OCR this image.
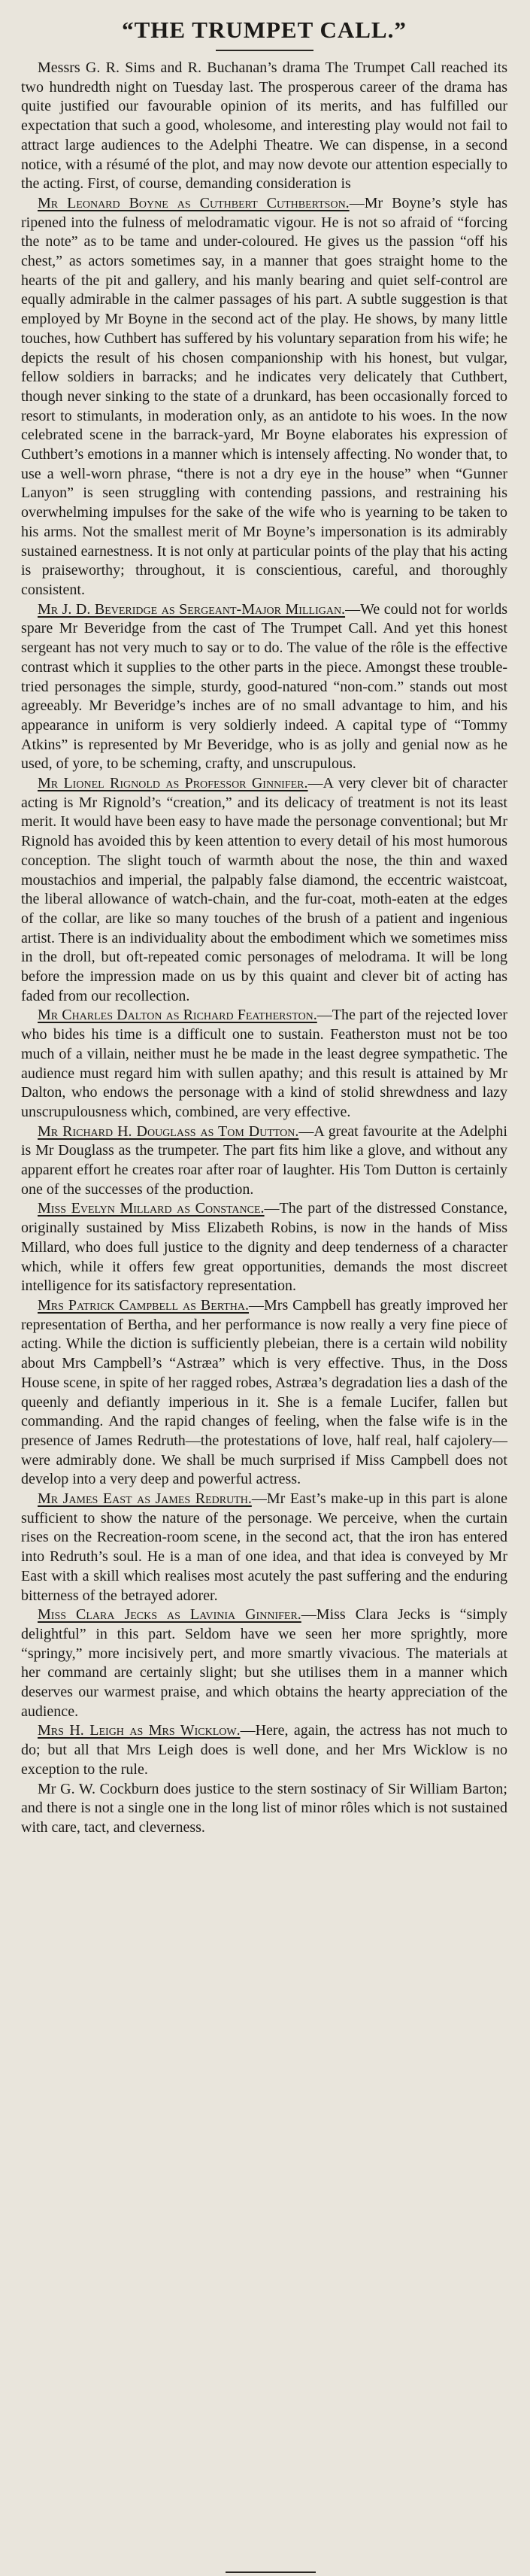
“THE TRUMPET CALL.”

Messrs G. R. Sims and R. Buchanan’s drama The Trumpet Call reached its two hundredth night on Tuesday last. The prosperous career of the drama has quite justified our favourable opinion of its merits, and has fulfilled our expectation that such a good, wholesome, and interesting play would not fail to attract large audiences to the Adelphi Theatre. We can dispense, in a second notice, with a résumé of the plot, and may now devote our attention especially to the acting. First, of course, demanding consideration is

Mr Leonard Boyne as Cuthbert Cuthbertson.—Mr Boyne’s style has ripened into the fulness of melodramatic vigour. He is not so afraid of “forcing the note” as to be tame and under-coloured. He gives us the passion “off his chest,” as actors sometimes say, in a manner that goes straight home to the hearts of the pit and gallery, and his manly bearing and quiet self-control are equally admirable in the calmer passages of his part. A subtle suggestion is that employed by Mr Boyne in the second act of the play. He shows, by many little touches, how Cuthbert has suffered by his voluntary separation from his wife; he depicts the result of his chosen companionship with his honest, but vulgar, fellow soldiers in barracks; and he indicates very delicately that Cuthbert, though never sinking to the state of a drunkard, has been occasionally forced to resort to stimulants, in moderation only, as an antidote to his woes. In the now celebrated scene in the barrack-yard, Mr Boyne elaborates his expression of Cuthbert’s emotions in a manner which is intensely affecting. No wonder that, to use a well-worn phrase, “there is not a dry eye in the house” when “Gunner Lanyon” is seen struggling with contending passions, and restraining his overwhelming impulses for the sake of the wife who is yearning to be taken to his arms. Not the smallest merit of Mr Boyne’s impersonation is its admirably sustained earnestness. It is not only at particular points of the play that his acting is praiseworthy; throughout, it is conscientious, careful, and thoroughly consistent.

Mr J. D. Beveridge as Sergeant-Major Milligan.—We could not for worlds spare Mr Beveridge from the cast of The Trumpet Call. And yet this honest sergeant has not very much to say or to do. The value of the rôle is the effective contrast which it supplies to the other parts in the piece. Amongst these trouble-tried personages the simple, sturdy, good-natured “non-com.” stands out most agreeably. Mr Beveridge’s inches are of no small advantage to him, and his appearance in uniform is very soldierly indeed. A capital type of “Tommy Atkins” is represented by Mr Beveridge, who is as jolly and genial now as he used, of yore, to be scheming, crafty, and unscrupulous.

Mr Lionel Rignold as Professor Ginnifer.—A very clever bit of character acting is Mr Rignold’s “creation,” and its delicacy of treatment is not its least merit. It would have been easy to have made the personage conventional; but Mr Rignold has avoided this by keen attention to every detail of his most humorous conception. The slight touch of warmth about the nose, the thin and waxed moustachios and imperial, the palpably false diamond, the eccentric waistcoat, the liberal allowance of watch-chain, and the fur-coat, moth-eaten at the edges of the collar, are like so many touches of the brush of a patient and ingenious artist. There is an individuality about the embodiment which we sometimes miss in the droll, but oft-repeated comic personages of melodrama. It will be long before the impression made on us by this quaint and clever bit of acting has faded from our recollection.

Mr Charles Dalton as Richard Featherston.—The part of the rejected lover who bides his time is a difficult one to sustain. Featherston must not be too much of a villain, neither must he be made in the least degree sympathetic. The audience must regard him with sullen apathy; and this result is attained by Mr Dalton, who endows the personage with a kind of stolid shrewdness and lazy unscrupulousness which, combined, are very effective.

Mr Richard H. Douglass as Tom Dutton.—A great favourite at the Adelphi is Mr Douglass as the trumpeter. The part fits him like a glove, and without any apparent effort he creates roar after roar of laughter. His Tom Dutton is certainly one of the successes of the production.

Miss Evelyn Millard as Constance.—The part of the distressed Constance, originally sustained by Miss Elizabeth Robins, is now in the hands of Miss Millard, who does full justice to the dignity and deep tenderness of a character which, while it offers few great opportunities, demands the most discreet intelligence for its satisfactory representation.

Mrs Patrick Campbell as Bertha.—Mrs Campbell has greatly improved her representation of Bertha, and her performance is now really a very fine piece of acting. While the diction is sufficiently plebeian, there is a certain wild nobility about Mrs Campbell’s “Astræa” which is very effective. Thus, in the Doss House scene, in spite of her ragged robes, Astræa’s degradation lies a dash of the queenly and defiantly imperious in it. She is a female Lucifer, fallen but commanding. And the rapid changes of feeling, when the false wife is in the presence of James Redruth—the protestations of love, half real, half cajolery—were admirably done. We shall be much surprised if Miss Campbell does not develop into a very deep and powerful actress.

Mr James East as James Redruth.—Mr East’s make-up in this part is alone sufficient to show the nature of the personage. We perceive, when the curtain rises on the Recreation-room scene, in the second act, that the iron has entered into Redruth’s soul. He is a man of one idea, and that idea is conveyed by Mr East with a skill which realises most acutely the past suffering and the enduring bitterness of the betrayed adorer.

Miss Clara Jecks as Lavinia Ginnifer.—Miss Clara Jecks is “simply delightful” in this part. Seldom have we seen her more sprightly, more “springy,” more incisively pert, and more smartly vivacious. The materials at her command are certainly slight; but she utilises them in a manner which deserves our warmest praise, and which obtains the hearty appreciation of the audience.

Mrs H. Leigh as Mrs Wicklow.—Here, again, the actress has not much to do; but all that Mrs Leigh does is well done, and her Mrs Wicklow is no exception to the rule.

Mr G. W. Cockburn does justice to the stern sostinacy of Sir William Barton; and there is not a single one in the long list of minor rôles which is not sustained with care, tact, and cleverness.
